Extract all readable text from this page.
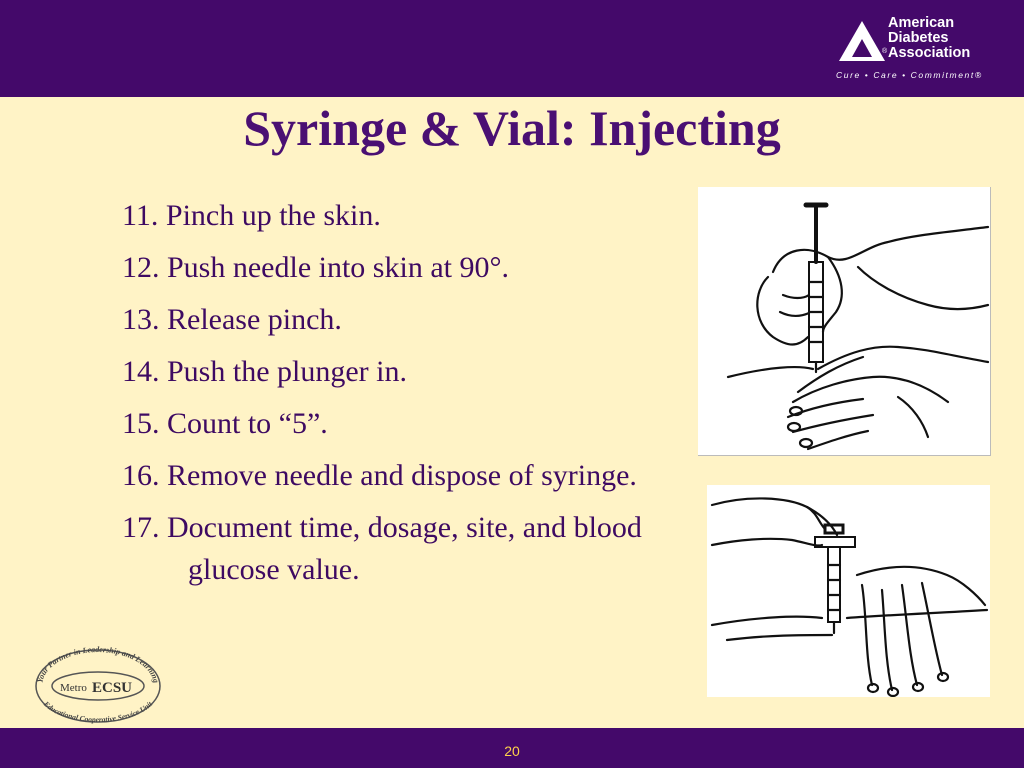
American
Diabetes
Association
®
Cure • Care • Commitment®
Syringe & Vial: Injecting
11. Pinch up the skin.
12. Push needle into skin at 90°.
13. Release pinch.
14. Push the plunger in.
15. Count to “5”.
16. Remove needle and dispose of syringe.
17. Document time, dosage, site, and blood glucose value.
Your Partner in Leadership and Learning
Educational Cooperative Service Unit
Metro ECSU
20
